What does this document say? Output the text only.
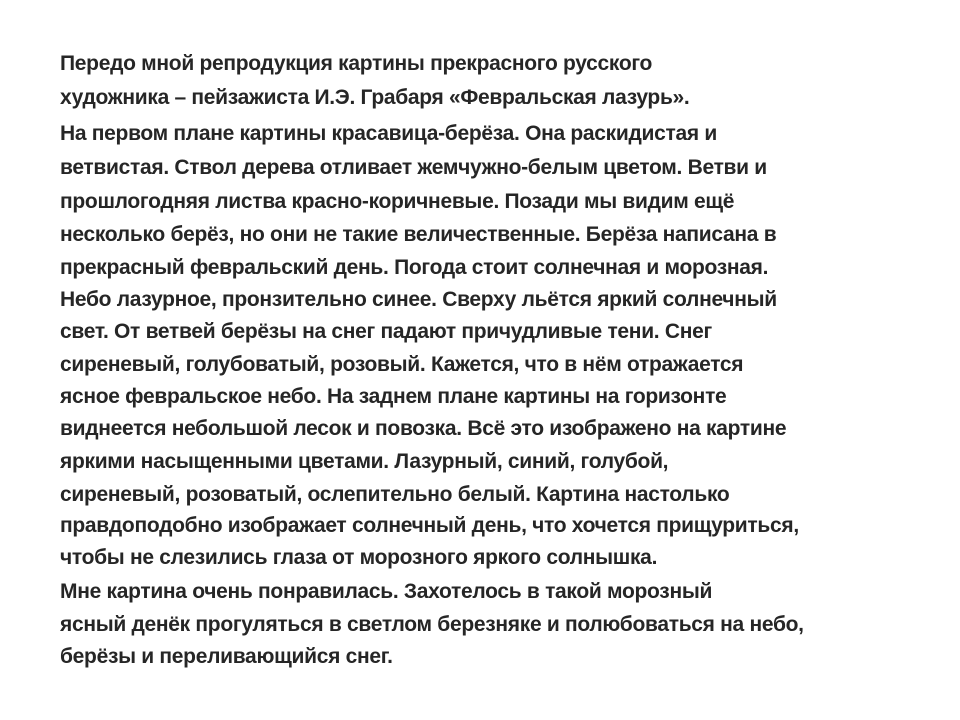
Передо мной репродукция картины прекрасного русского
художника – пейзажиста И.Э. Грабаря «Февральская лазурь».
На первом плане картины красавица-берёза. Она раскидистая и
ветвистая. Ствол дерева отливает жемчужно-белым цветом. Ветви и
прошлогодняя листва красно-коричневые. Позади мы видим ещё
несколько берёз, но они не такие величественные. Берёза написана в
прекрасный февральский день. Погода стоит солнечная и морозная.
Небо лазурное, пронзительно синее. Сверху льётся яркий солнечный
свет. От ветвей берёзы на снег падают причудливые тени. Снег
сиреневый, голубоватый, розовый. Кажется, что в нём отражается
ясное февральское небо. На заднем плане картины на горизонте
виднеется небольшой лесок и повозка. Всё это изображено на картине
яркими насыщенными цветами. Лазурный, синий, голубой,
сиреневый, розоватый, ослепительно белый. Картина настолько
правдоподобно изображает солнечный день, что хочется прищуриться,
чтобы не слезились глаза от морозного яркого солнышка.
Мне картина очень понравилась. Захотелось в такой морозный
ясный денёк прогуляться в светлом березняке и полюбоваться на небо,
берёзы и переливающийся снег.
